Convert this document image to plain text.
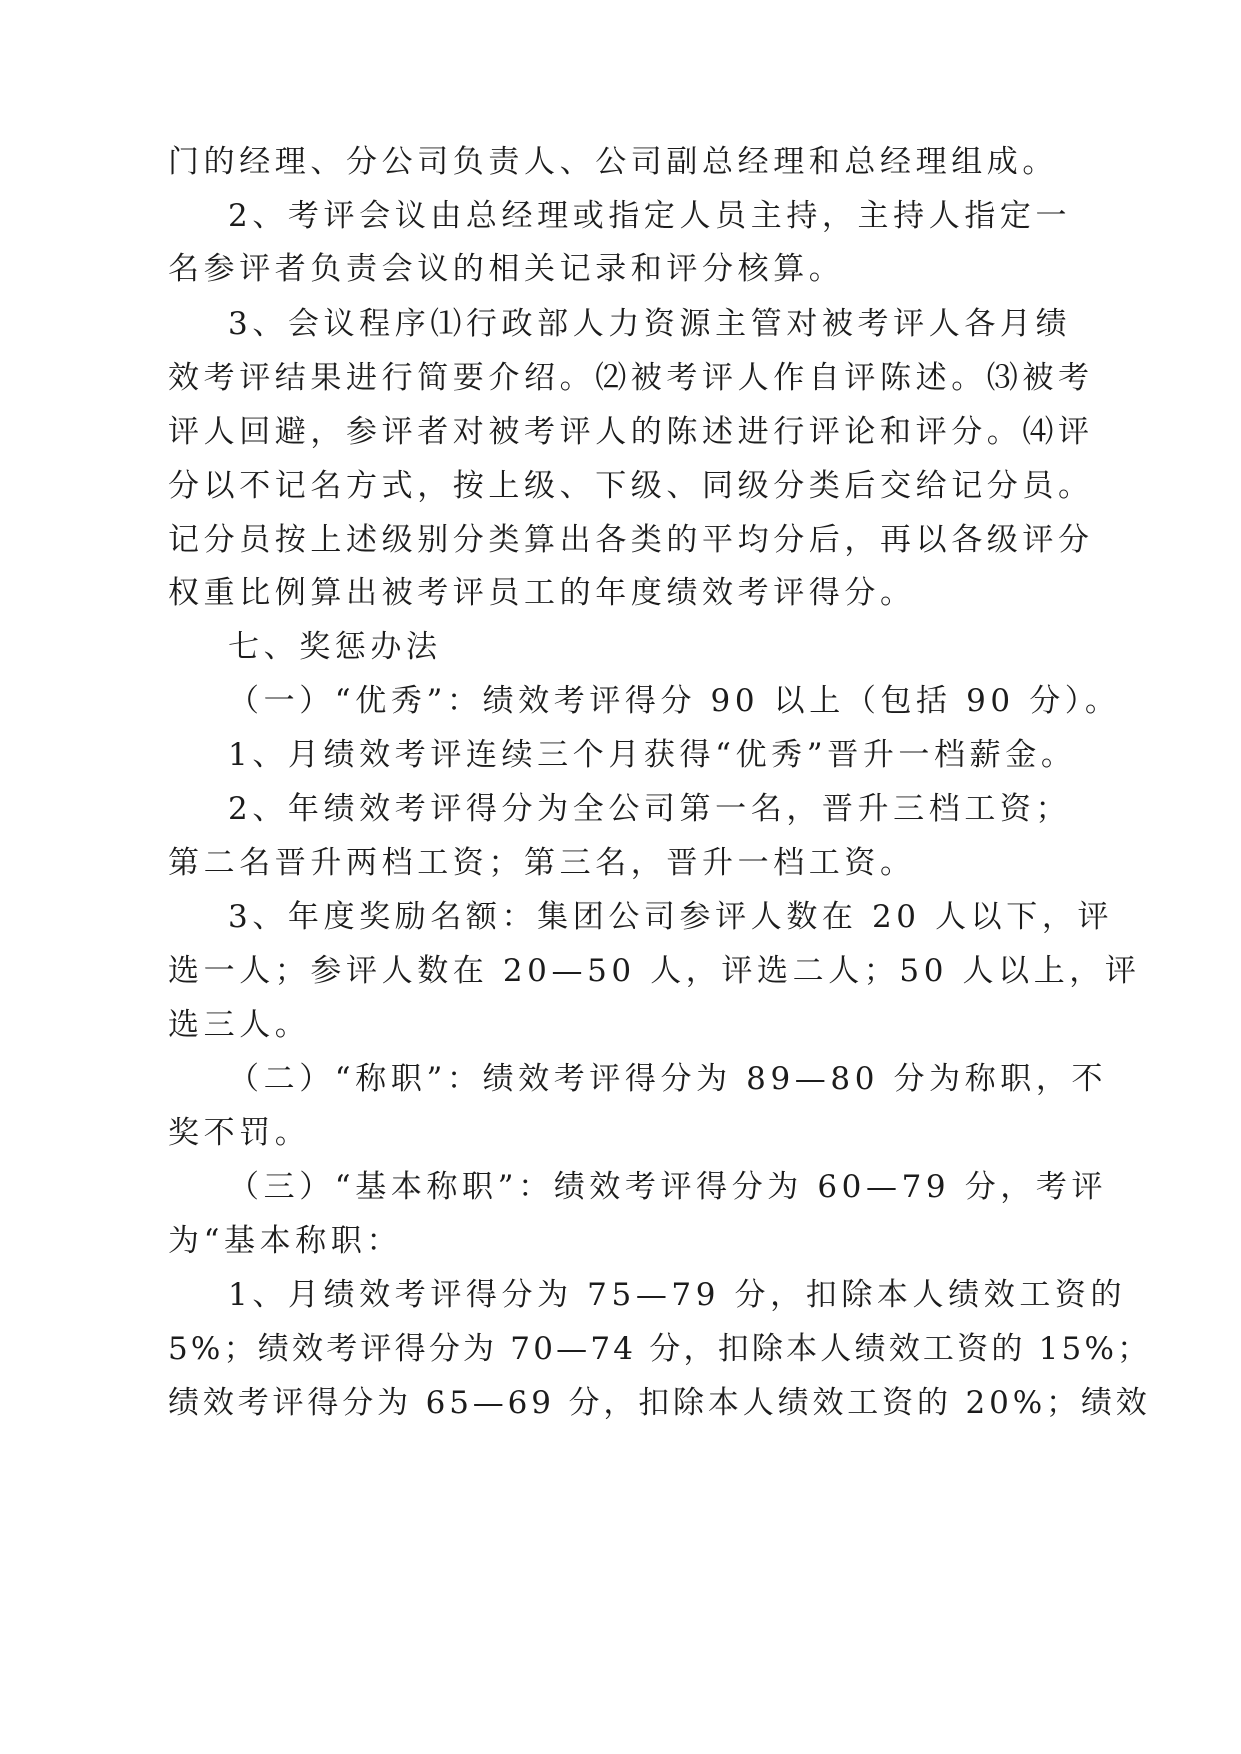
门的经理、分公司负责人、公司副总经理和总经理组成。
2、考评会议由总经理或指定人员主持，主持人指定一
名参评者负责会议的相关记录和评分核算。
3、会议程序⑴行政部人力资源主管对被考评人各月绩
效考评结果进行简要介绍。⑵被考评人作自评陈述。⑶被考
评人回避，参评者对被考评人的陈述进行评论和评分。⑷评
分以不记名方式，按上级、下级、同级分类后交给记分员。
记分员按上述级别分类算出各类的平均分后，再以各级评分
权重比例算出被考评员工的年度绩效考评得分。
七、奖惩办法
（一）“优秀”：绩效考评得分 90 以上（包括 90 分）。
1、月绩效考评连续三个月获得“优秀”晋升一档薪金。
2、年绩效考评得分为全公司第一名，晋升三档工资；
第二名晋升两档工资；第三名，晋升一档工资。
3、年度奖励名额：集团公司参评人数在 20 人以下，评
选一人；参评人数在 20—50 人，评选二人；50 人以上，评
选三人。
（二）“称职”：绩效考评得分为 89—80 分为称职，不
奖不罚。
（三）“基本称职”：绩效考评得分为 60—79 分，考评
为“基本称职：
1、月绩效考评得分为 75—79 分，扣除本人绩效工资的
5%；绩效考评得分为 70—74 分，扣除本人绩效工资的 15%；
绩效考评得分为 65—69 分，扣除本人绩效工资的 20%；绩效
